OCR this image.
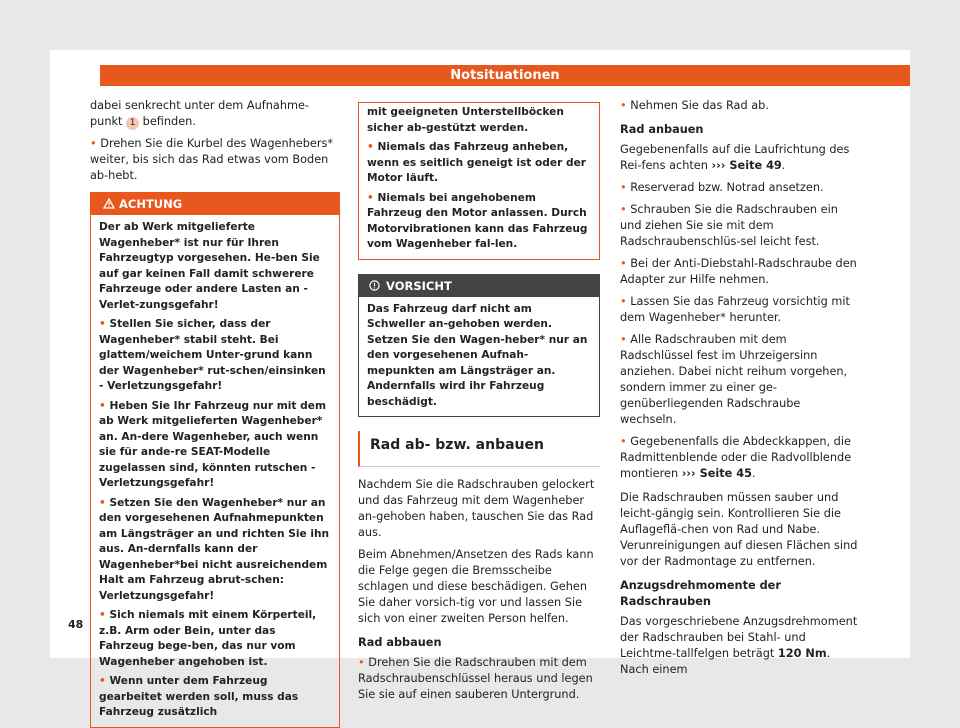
Notsituationen
dabei senkrecht unter dem Aufnahme-
punkt 1 befinden.
• Drehen Sie die Kurbel des Wagenhebers* weiter, bis sich das Rad etwas vom Boden ab-hebt.
ACHTUNG
Der ab Werk mitgelieferte Wagenheber* ist nur für Ihren Fahrzeugtyp vorgesehen. He-ben Sie auf gar keinen Fall damit schwerere Fahrzeuge oder andere Lasten an - Verlet-zungsgefahr!
• Stellen Sie sicher, dass der Wagenheber* stabil steht. Bei glattem/weichem Unter-grund kann der Wagenheber* rut-schen/einsinken - Verletzungsgefahr!
• Heben Sie Ihr Fahrzeug nur mit dem ab Werk mitgelieferten Wagenheber* an. An-dere Wagenheber, auch wenn sie für ande-re SEAT-Modelle zugelassen sind, könnten rutschen - Verletzungsgefahr!
• Setzen Sie den Wagenheber* nur an den vorgesehenen Aufnahmepunkten am Längsträger an und richten Sie ihn aus. An-dernfalls kann der Wagenheber*bei nicht ausreichendem Halt am Fahrzeug abrut-schen: Verletzungsgefahr!
• Sich niemals mit einem Körperteil, z.B. Arm oder Bein, unter das Fahrzeug bege-ben, das nur vom Wagenheber angehoben ist.
• Wenn unter dem Fahrzeug gearbeitet werden soll, muss das Fahrzeug zusätzlich
mit geeigneten Unterstellböcken sicher ab-gestützt werden.
• Niemals das Fahrzeug anheben, wenn es seitlich geneigt ist oder der Motor läuft.
• Niemals bei angehobenem Fahrzeug den Motor anlassen. Durch Motorvibrationen kann das Fahrzeug vom Wagenheber fal-len.
VORSICHT
Das Fahrzeug darf nicht am Schweller an-gehoben werden. Setzen Sie den Wagen-heber* nur an den vorgesehenen Aufnah-mepunkten am Längsträger an. Andernfalls wird ihr Fahrzeug beschädigt.
Rad ab- bzw. anbauen
Nachdem Sie die Radschrauben gelockert und das Fahrzeug mit dem Wagenheber an-gehoben haben, tauschen Sie das Rad aus.
Beim Abnehmen/Ansetzen des Rads kann die Felge gegen die Bremsscheibe schlagen und diese beschädigen. Gehen Sie daher vorsich-tig vor und lassen Sie sich von einer zweiten Person helfen.
Rad abbauen
• Drehen Sie die Radschrauben mit dem Radschraubenschlüssel heraus und legen Sie sie auf einen sauberen Untergrund.
• Nehmen Sie das Rad ab.
Rad anbauen
Gegebenenfalls auf die Laufrichtung des Rei-fens achten ››› Seite 49.
• Reserverad bzw. Notrad ansetzen.
• Schrauben Sie die Radschrauben ein und ziehen Sie sie mit dem Radschraubenschlüs-sel leicht fest.
• Bei der Anti-Diebstahl-Radschraube den Adapter zur Hilfe nehmen.
• Lassen Sie das Fahrzeug vorsichtig mit dem Wagenheber* herunter.
• Alle Radschrauben mit dem Radschlüssel fest im Uhrzeigersinn anziehen. Dabei nicht reihum vorgehen, sondern immer zu einer ge-genüberliegenden Radschraube wechseln.
• Gegebenenfalls die Abdeckkappen, die Radmittenblende oder die Radvollblende montieren ››› Seite 45.
Die Radschrauben müssen sauber und leicht-gängig sein. Kontrollieren Sie die Auflageflä-chen von Rad und Nabe. Verunreinigungen auf diesen Flächen sind vor der Radmontage zu entfernen.
Anzugsdrehmomente der Radschrauben
Das vorgeschriebene Anzugsdrehmoment der Radschrauben bei Stahl- und Leichtme-tallfelgen beträgt 120 Nm. Nach einem
48
